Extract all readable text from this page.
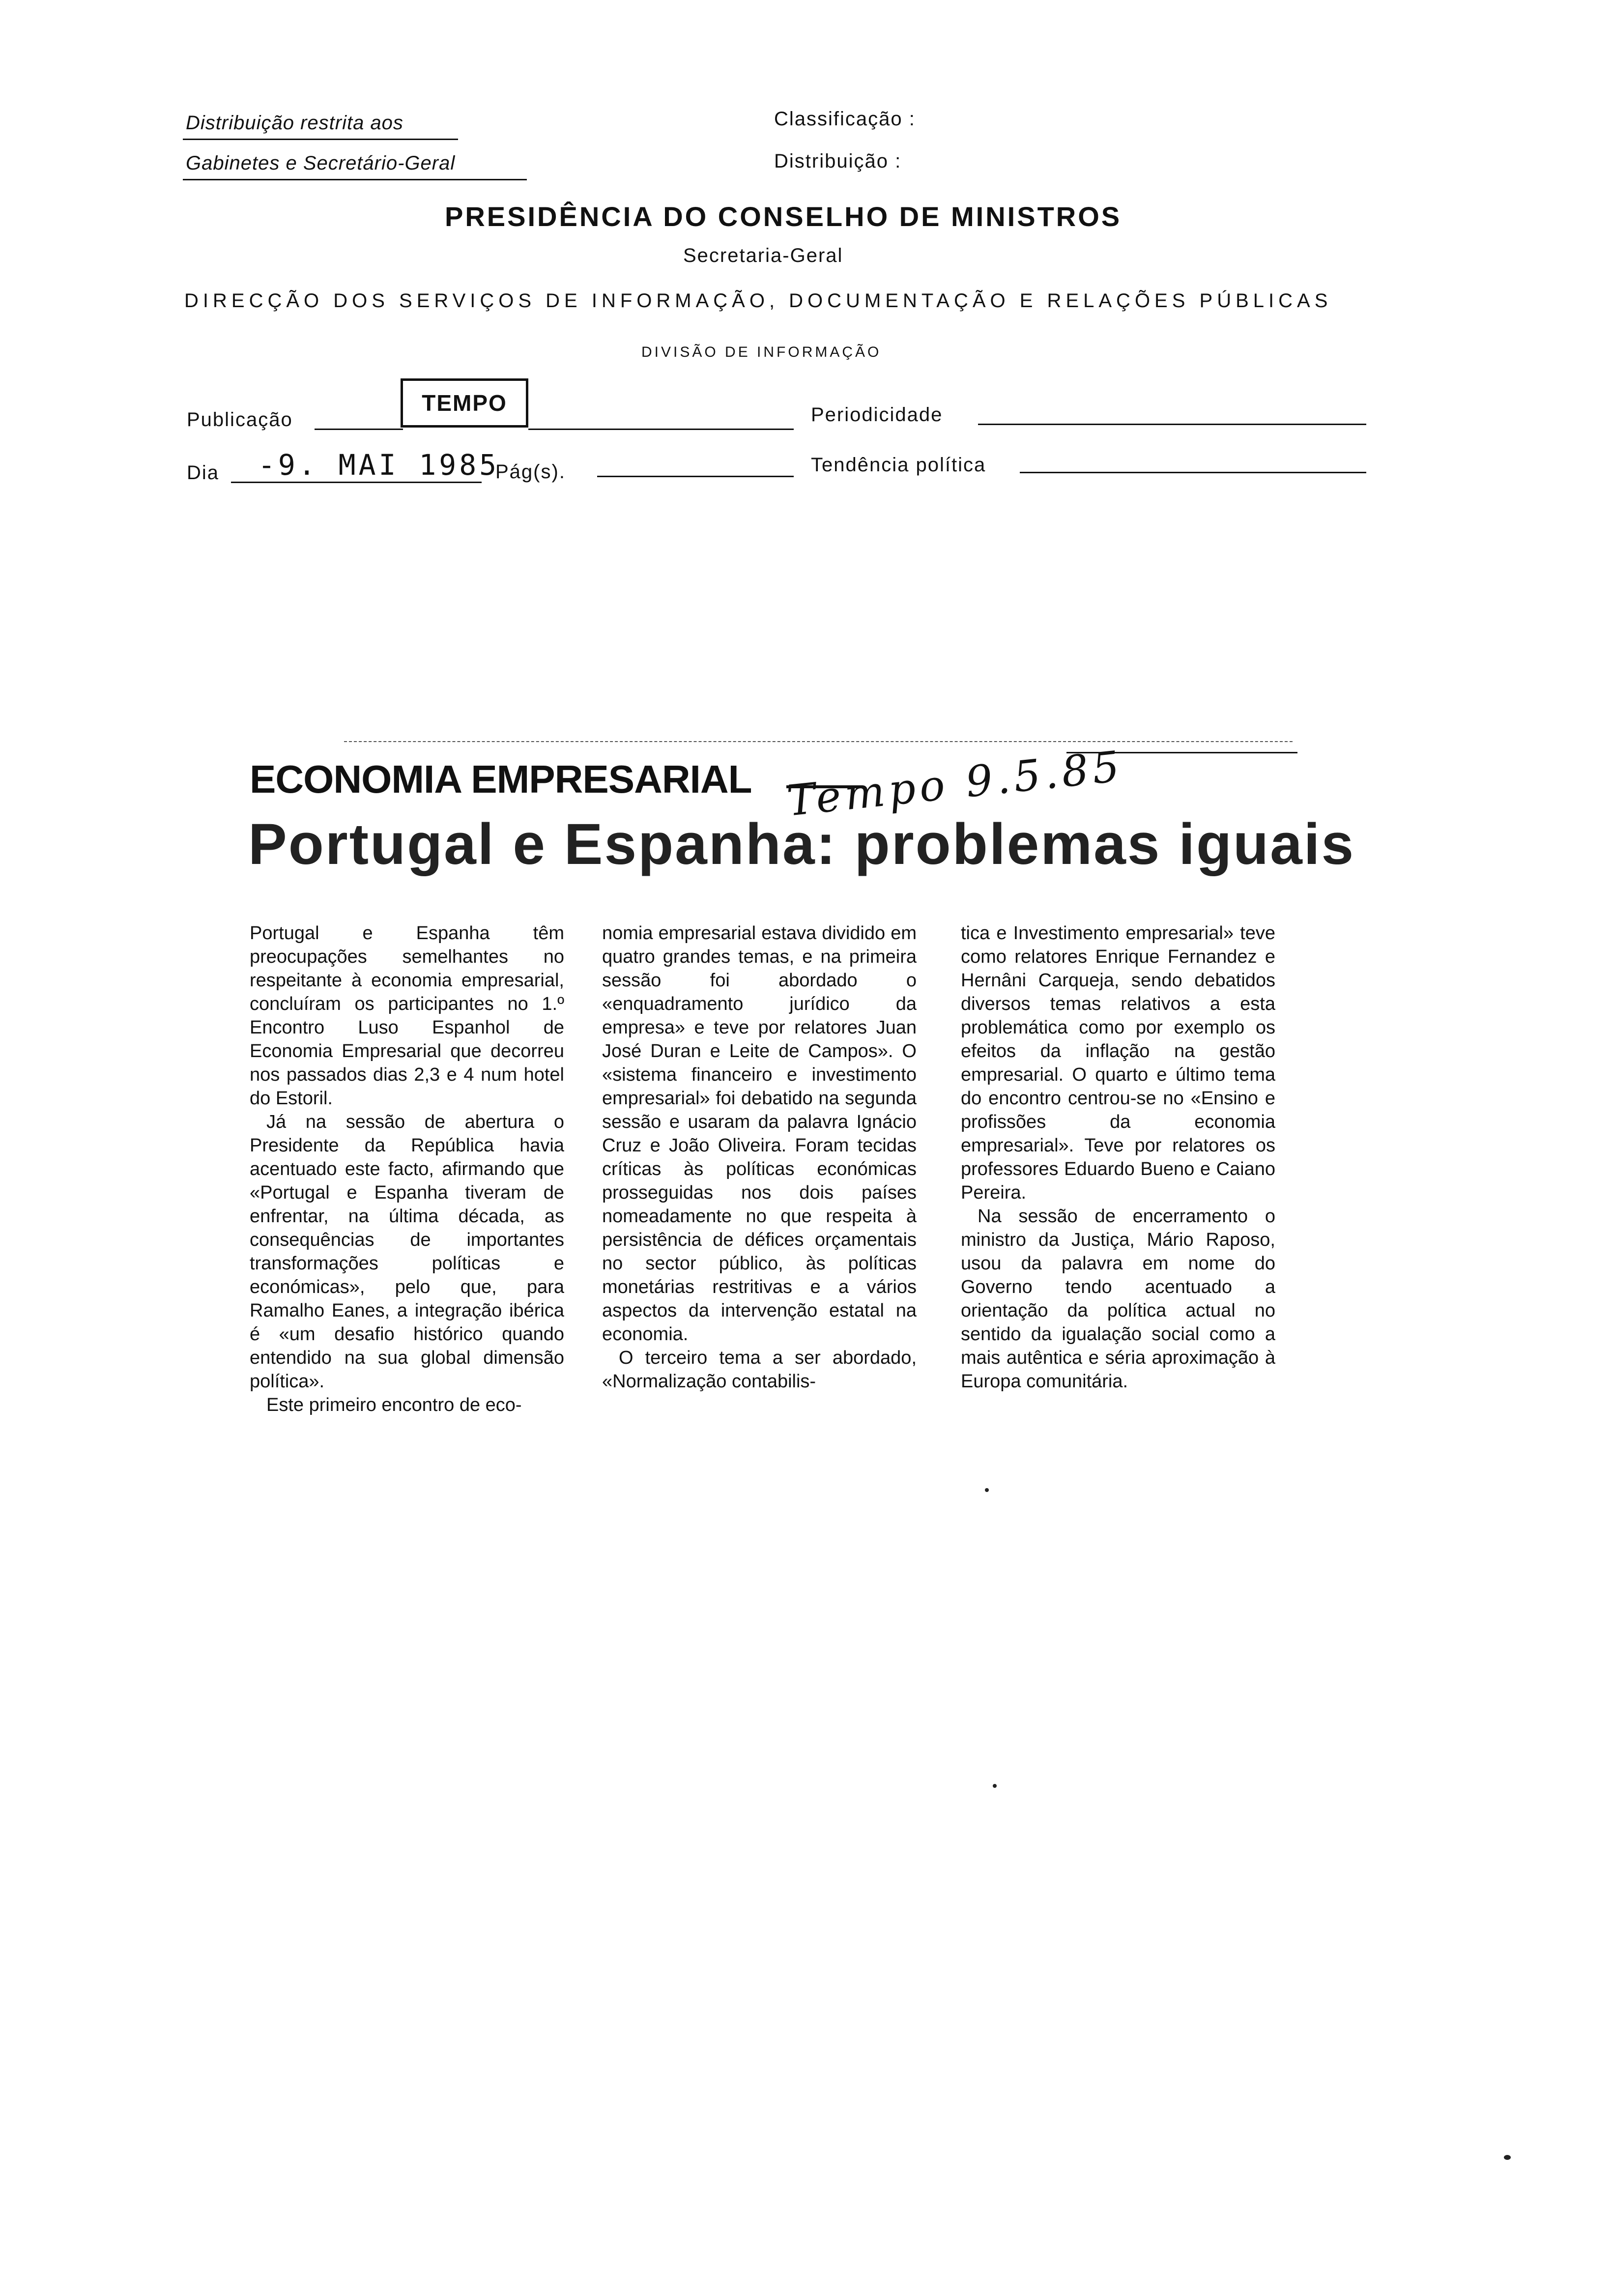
Distribuição restrita aos
Gabinetes e Secretário-Geral
Classificação :
Distribuição :
PRESIDÊNCIA DO CONSELHO DE MINISTROS
Secretaria-Geral
DIRECÇÃO DOS SERVIÇOS DE INFORMAÇÃO, DOCUMENTAÇÃO E RELAÇÕES PÚBLICAS
DIVISÃO DE INFORMAÇÃO
Publicação
TEMPO	Periodicidade
Dia -9. MAI 1985
Pág(s).	Tendência política
ECONOMIA EMPRESARIAL
Portugal e Espanha: problemas iguais
Tempo 9.5.85

Portugal e Espanha têm preocupações semelhantes no respeitante à economia empresarial, concluíram os participantes no 1.º Encontro Luso Espanhol de Economia Empresarial que decorreu nos passados dias 2,3 e 4 num hotel do Estoril.

Já na sessão de abertura o Presidente da República havia acentuado este facto, afirmando que «Portugal e Espanha tiveram de enfrentar, na última década, as consequências de importantes transformações políticas e económicas», pelo que, para Ramalho Eanes, a integração ibérica é «um desafio histórico quando entendido na sua global dimensão política».

Este primeiro encontro de eco-

nomia empresarial estava dividido em quatro grandes temas, e na primeira sessão foi abordado o «enquadramento jurídico da empresa» e teve por relatores Juan José Duran e Leite de Campos». O «sistema financeiro e investimento empresarial» foi debatido na segunda sessão e usaram da palavra Ignácio Cruz e João Oliveira. Foram tecidas críticas às políticas económicas prosseguidas nos dois países nomeadamente no que respeita à persistência de défices orçamentais no sector público, às políticas monetárias restritivas e a vários aspectos da intervenção estatal na economia.

O terceiro tema a ser abordado, «Normalização contabilis-

tica e Investimento empresarial» teve como relatores Enrique Fernandez e Hernâni Carqueja, sendo debatidos diversos temas relativos a esta problemática como por exemplo os efeitos da inflação na gestão empresarial. O quarto e último tema do encontro centrou-se no «Ensino e profissões da economia empresarial». Teve por relatores os professores Eduardo Bueno e Caiano Pereira.

Na sessão de encerramento o ministro da Justiça, Mário Raposo, usou da palavra em nome do Governo tendo acentuado a orientação da política actual no sentido da igualação social como a mais autêntica e séria aproximação à Europa comunitária.
